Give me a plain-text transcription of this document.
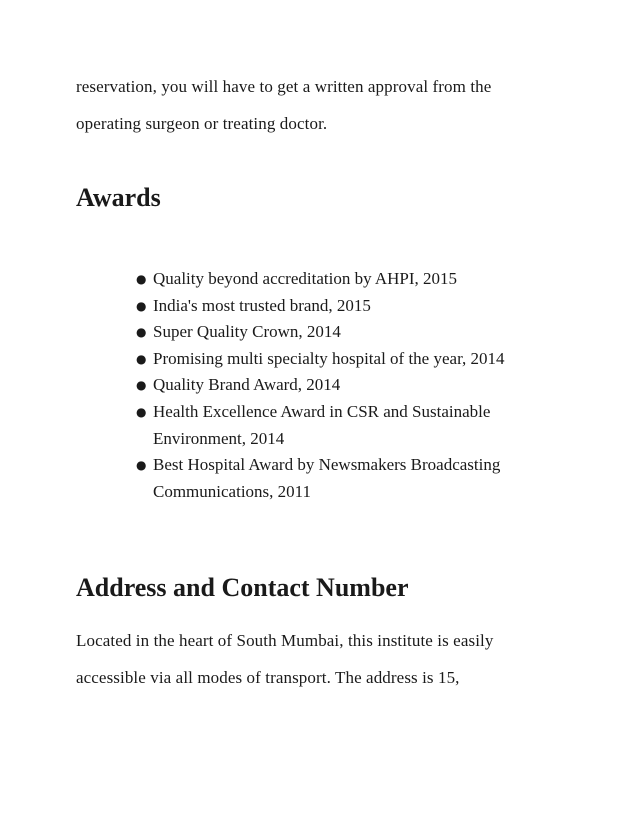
reservation, you will have to get a written approval from the
operating surgeon or treating doctor.

Awards
● Quality beyond accreditation by AHPI, 2015
● India's most trusted brand, 2015
● Super Quality Crown, 2014
● Promising multi specialty hospital of the year, 2014
● Quality Brand Award, 2014
● Health Excellence Award in CSR and Sustainable
Environment, 2014
● Best Hospital Award by Newsmakers Broadcasting
Communications, 2011
Address and Contact Number

Located in the heart of South Mumbai, this institute is easily
accessible via all modes of transport. The address is 15,
